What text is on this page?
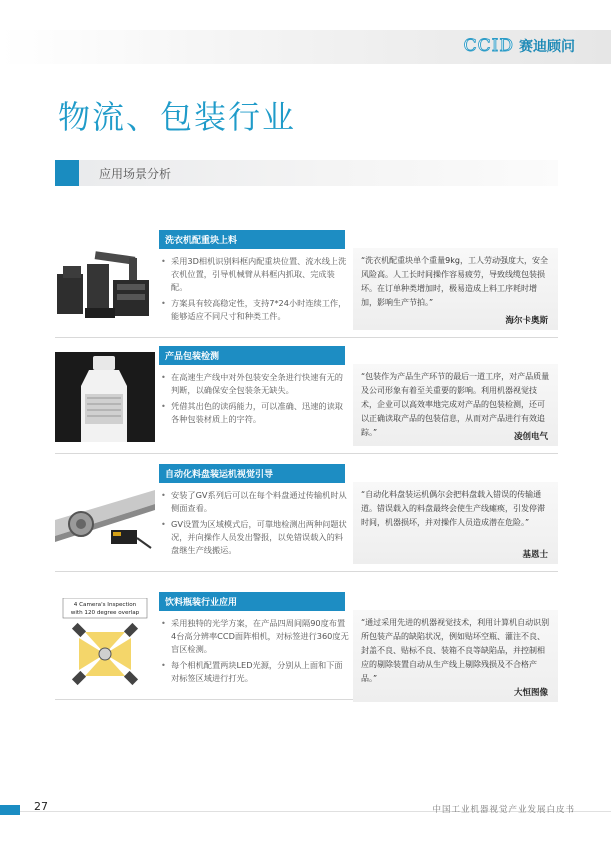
CCID 赛迪顾问
物流、包装行业
应用场景分析
洗衣机配重块上料
• 采用3D相机识别料框内配重块位置、流水线上洗衣机位置，引导机械臂从料框内抓取、完成装配。
• 方案具有较高稳定性，支持7*24小时连续工作，能够适应不同尺寸和种类工件。
“洗衣机配重块单个重量9kg，工人劳动强度大，安全风险高。人工长时间操作容易疲劳，导致线缆包装损坏。在订单种类增加时，极易造成上料工序耗时增加，影响生产节拍。”
海尔卡奥斯
产品包装检测
• 在高速生产线中对外包装安全条进行快速有无的判断，以确保安全包装条无缺失。
• 凭借其出色的读码能力，可以准确、迅速的读取各种包装材质上的字符。
“包装作为产品生产环节的最后一道工序，对产品质量及公司形象有着至关重要的影响。利用机器视觉技术，企业可以高效率地完成对产品的包装检测，还可以正确读取产品的包装信息，从而对产品进行有效追踪。”	凌创电气
自动化料盘装运机视觉引导
• 安装了GV系列后可以在每个料盘通过传输机时从侧面查看。
• GV设置为区域模式后，可靠地检测出两种问题状况，并向操作人员发出警报，以免错误载入的料盘继生产线搬运。
“自动化料盘装运机偶尔会把料盘载入错误的传输通道。错误载入的料盘最终会使生产线瘫痪，引发停滞时间，机器损坏，并对操作人员造成潜在危险。”
基恩士
4 Camera's Inspection
with 120 degree overlap
饮料瓶装行业应用
• 采用独特的光学方案，在产品四周间隔90度布置4台高分辨率CCD面阵相机，对标签进行360度无盲区检测。
• 每个相机配置两块LED光源，分别从上面和下面对标签区域进行打光。
“通过采用先进的机器视觉技术，利用计算机自动识别所包装产品的缺陷状况，例如贴坏空瓶、灌注不良、封盖不良、贴标不良、装箱不良等缺陷品，并控制相应的剔除装置自动从生产线上剔除残损及不合格产品。”
大恒图像
27	中国工业机器视觉产业发展白皮书
